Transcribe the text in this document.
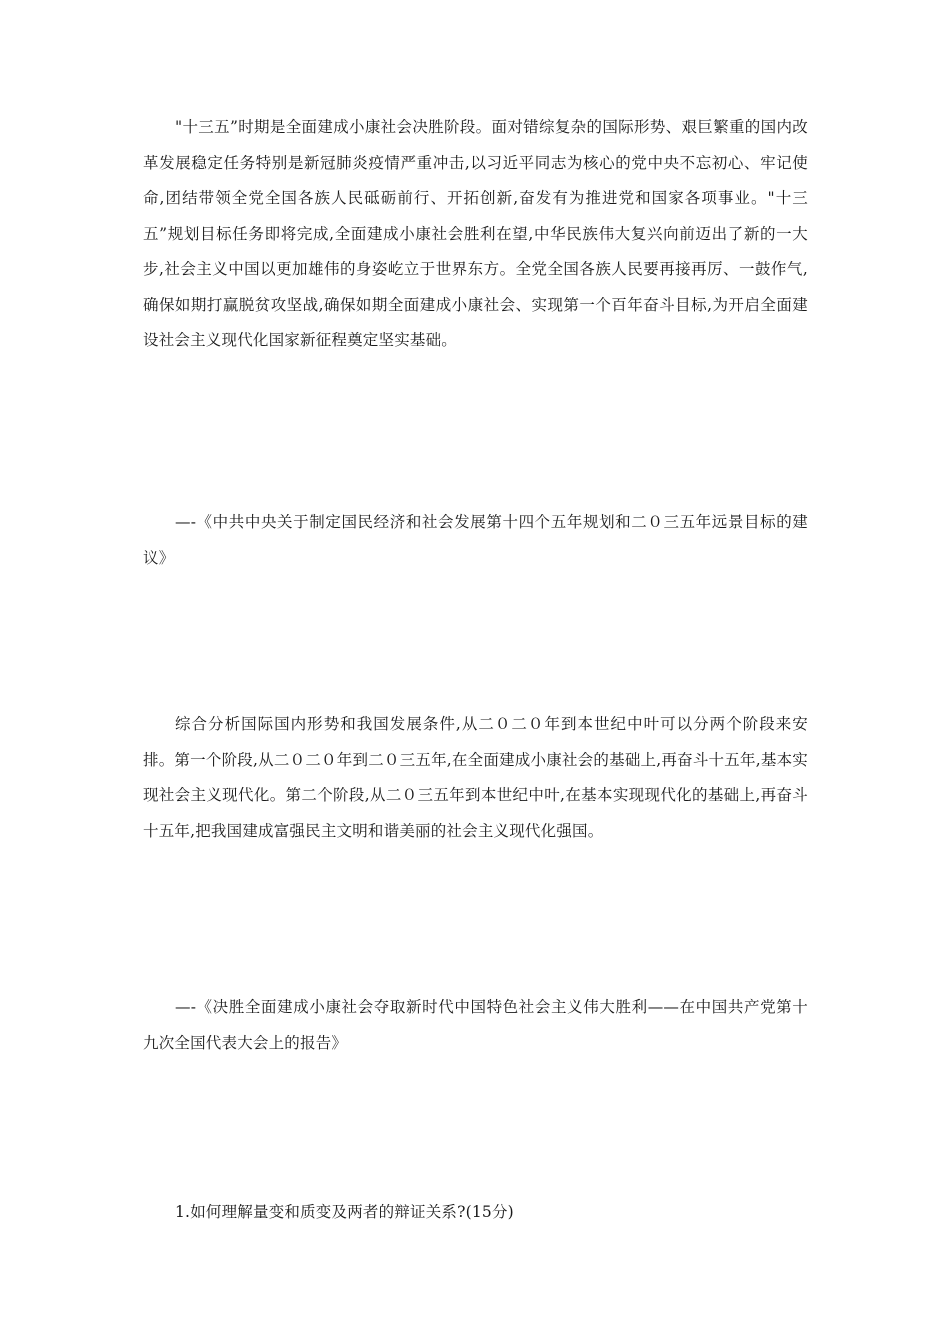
"十三五”时期是全面建成小康社会决胜阶段。面对错综复杂的国际形势、艰巨繁重的国内改革发展稳定任务特别是新冠肺炎疫情严重冲击,以习近平同志为核心的党中央不忘初心、牢记使命,团结带领全党全国各族人民砥砺前行、开拓创新,奋发有为推进党和国家各项事业。"十三五”规划目标任务即将完成,全面建成小康社会胜利在望,中华民族伟大复兴向前迈出了新的一大步,社会主义中国以更加雄伟的身姿屹立于世界东方。全党全国各族人民要再接再厉、一鼓作气,确保如期打赢脱贫攻坚战,确保如期全面建成小康社会、实现第一个百年奋斗目标,为开启全面建设社会主义现代化国家新征程奠定坚实基础。

—-《中共中央关于制定国民经济和社会发展第十四个五年规划和二０三五年远景目标的建议》

综合分析国际国内形势和我国发展条件,从二０二０年到本世纪中叶可以分两个阶段来安排。第一个阶段,从二０二０年到二０三五年,在全面建成小康社会的基础上,再奋斗十五年,基本实现社会主义现代化。第二个阶段,从二０三五年到本世纪中叶,在基本实现现代化的基础上,再奋斗十五年,把我国建成富强民主文明和谐美丽的社会主义现代化强国。

—-《决胜全面建成小康社会夺取新时代中国特色社会主义伟大胜利——在中国共产党第十九次全国代表大会上的报告》

1.如何理解量变和质变及两者的辩证关系?(15分)
